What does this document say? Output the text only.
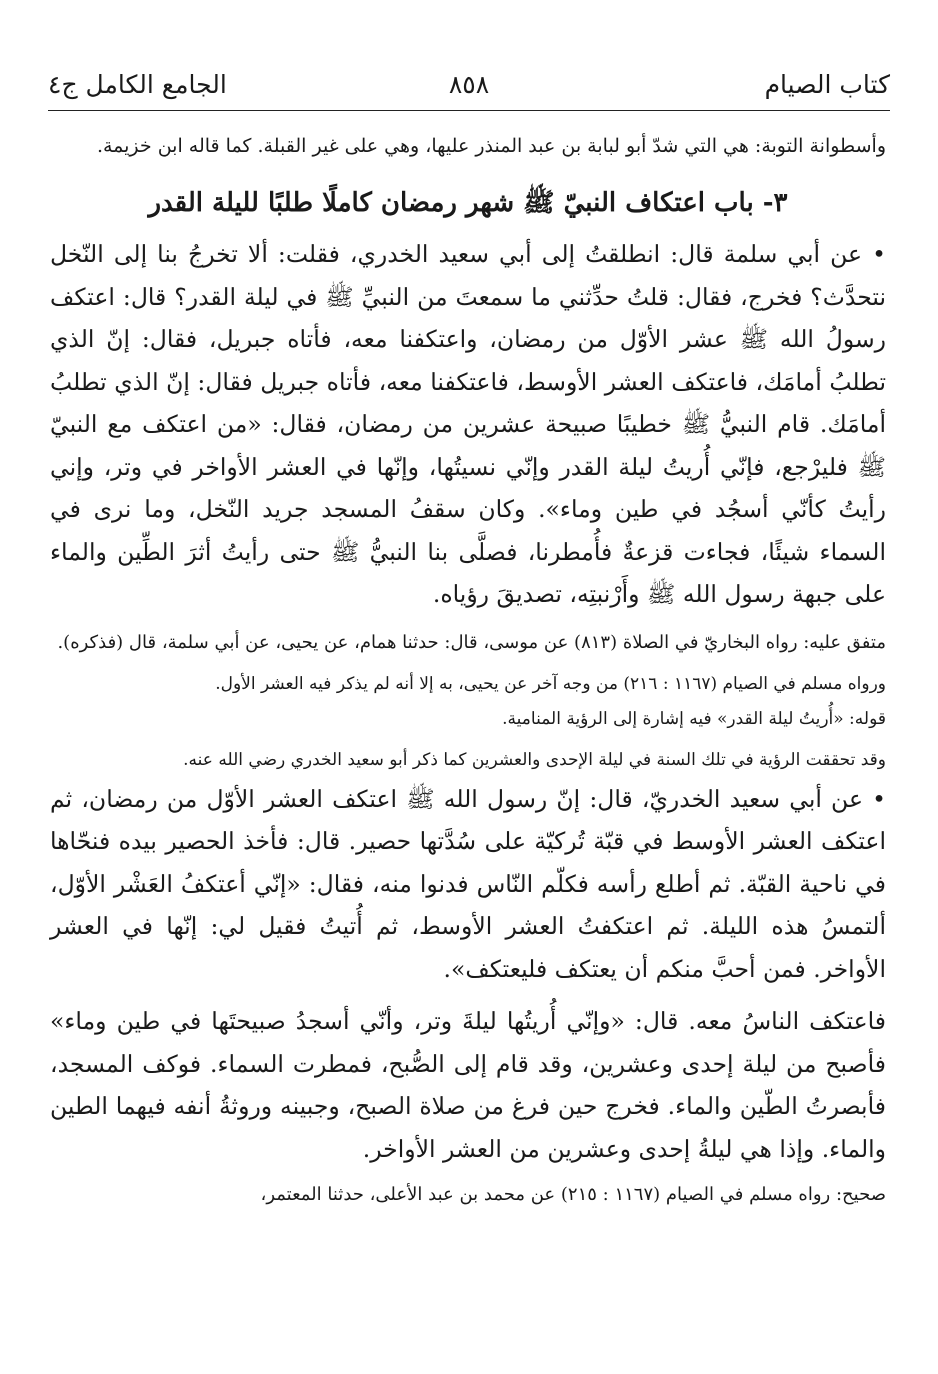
كتاب الصيام
٨٥٨
الجامع الكامل ج٤

وأسطوانة التوبة: هي التي شدّ أبو لبابة بن عبد المنذر عليها، وهي على غير القبلة. كما قاله ابن خزيمة.

٣- باب اعتكاف النبيّ ﷺ شهر رمضان كاملًا طلبًا لليلة القدر

• عن أبي سلمة قال: انطلقتُ إلى أبي سعيد الخدري، فقلت: ألا تخرجُ بنا إلى النّخل نتحدَّث؟ فخرج، فقال: قلتُ حدِّثني ما سمعتَ من النبيِّ ﷺ في ليلة القدر؟ قال: اعتكف رسولُ الله ﷺ عشر الأوّل من رمضان، واعتكفنا معه، فأتاه جبريل، فقال: إنّ الذي تطلبُ أمامَك، فاعتكف العشر الأوسط، فاعتكفنا معه، فأتاه جبريل فقال: إنّ الذي تطلبُ أمامَك. قام النبيُّ ﷺ خطيبًا صبيحة عشرين من رمضان، فقال: «من اعتكف مع النبيّ ﷺ فليرْجع، فإنّي أُريتُ ليلة القدر وإنّي نسيتُها، وإنّها في العشر الأواخر في وتر، وإني رأيتُ كأنّي أسجُد في طين وماء». وكان سقفُ المسجد جريد النّخل، وما نرى في السماء شيئًا، فجاءت قزعةٌ فأُمطرنا، فصلَّى بنا النبيُّ ﷺ حتى رأيتُ أثرَ الطِّين والماء على جبهة رسول الله ﷺ وأَرْنبتِه، تصديقَ رؤياه.

متفق عليه: رواه البخاريّ في الصلاة (٨١٣) عن موسى، قال: حدثنا همام، عن يحيى، عن أبي سلمة، قال (فذكره).

ورواه مسلم في الصيام (١١٦٧ : ٢١٦) من وجه آخر عن يحيى، به إلا أنه لم يذكر فيه العشر الأول.

قوله: «أُريتُ ليلة القدر» فيه إشارة إلى الرؤية المنامية.

وقد تحققت الرؤية في تلك السنة في ليلة الإحدى والعشرين كما ذكر أبو سعيد الخدري رضي الله عنه.

• عن أبي سعيد الخدريّ، قال: إنّ رسول الله ﷺ اعتكف العشر الأوّل من رمضان، ثم اعتكف العشر الأوسط في قبّة تُركيّة على سُدَّتها حصير. قال: فأخذ الحصير بيده فنحّاها في ناحية القبّة. ثم أطلع رأسه فكلّم النّاس فدنوا منه، فقال: «إنّي أعتكفُ العَشْر الأوّل، ألتمسُ هذه الليلة. ثم اعتكفتُ العشر الأوسط، ثم أُتيتُ فقيل لي: إنّها في العشر الأواخر. فمن أحبَّ منكم أن يعتكف فليعتكف».

فاعتكف الناسُ معه. قال: «وإنّي أُريتُها ليلةَ وتر، وأنّي أسجدُ صبيحتَها في طين وماء» فأصبح من ليلة إحدى وعشرين، وقد قام إلى الصُّبح، فمطرت السماء. فوكف المسجد، فأبصرتُ الطّين والماء. فخرج حين فرغ من صلاة الصبح، وجبينه وروثةُ أنفه فيهما الطين والماء. وإذا هي ليلةُ إحدى وعشرين من العشر الأواخر.

صحيح: رواه مسلم في الصيام (١١٦٧ : ٢١٥) عن محمد بن عبد الأعلى، حدثنا المعتمر،
